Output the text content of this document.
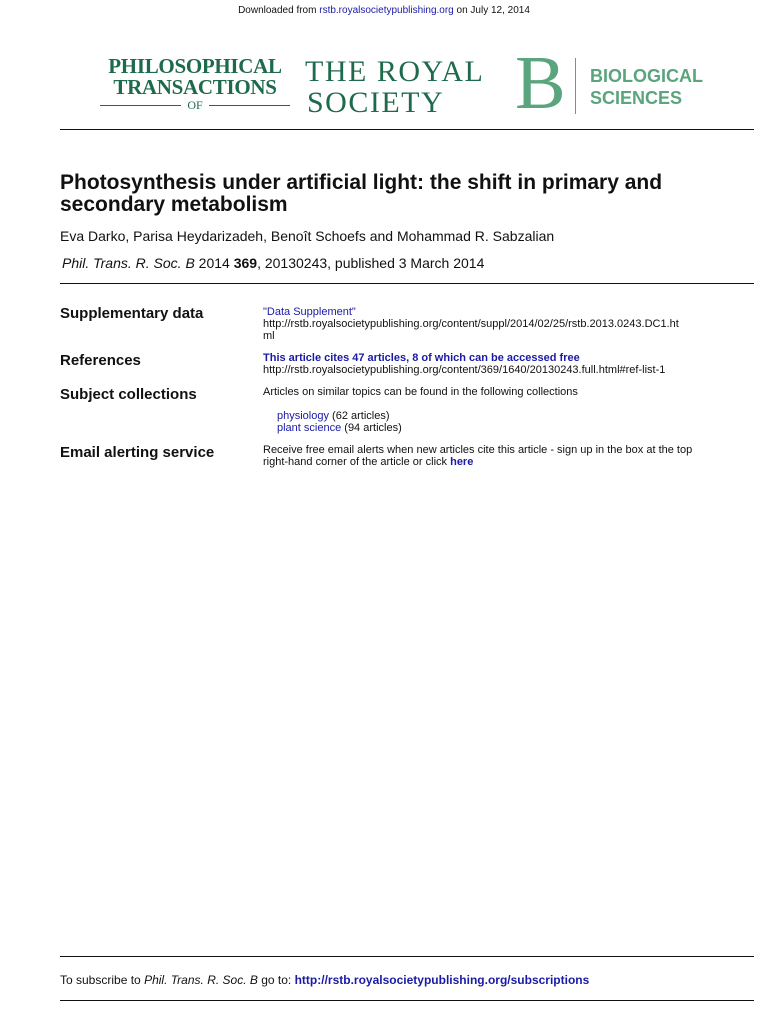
Downloaded from rstb.royalsocietypublishing.org on July 12, 2014
PHILOSOPHICAL
TRANSACTIONS
OF
THE ROYAL
SOCIETY B BIOLOGICAL
SCIENCES
Photosynthesis under artificial light: the shift in primary and secondary metabolism
Eva Darko, Parisa Heydarizadeh, Benoît Schoefs and Mohammad R. Sabzalian
Phil. Trans. R. Soc. B 2014 369, 20130243, published 3 March 2014
Supplementary data	"Data Supplement"
http://rstb.royalsocietypublishing.org/content/suppl/2014/02/25/rstb.2013.0243.DC1.ht
ml
References	This article cites 47 articles, 8 of which can be accessed free
http://rstb.royalsocietypublishing.org/content/369/1640/20130243.full.html#ref-list-1
Subject collections	Articles on similar topics can be found in the following collections
physiology (62 articles)
plant science (94 articles)
Email alerting service	Receive free email alerts when new articles cite this article - sign up in the box at the top
right-hand corner of the article or click here
To subscribe to Phil. Trans. R. Soc. B go to: http://rstb.royalsocietypublishing.org/subscriptions
